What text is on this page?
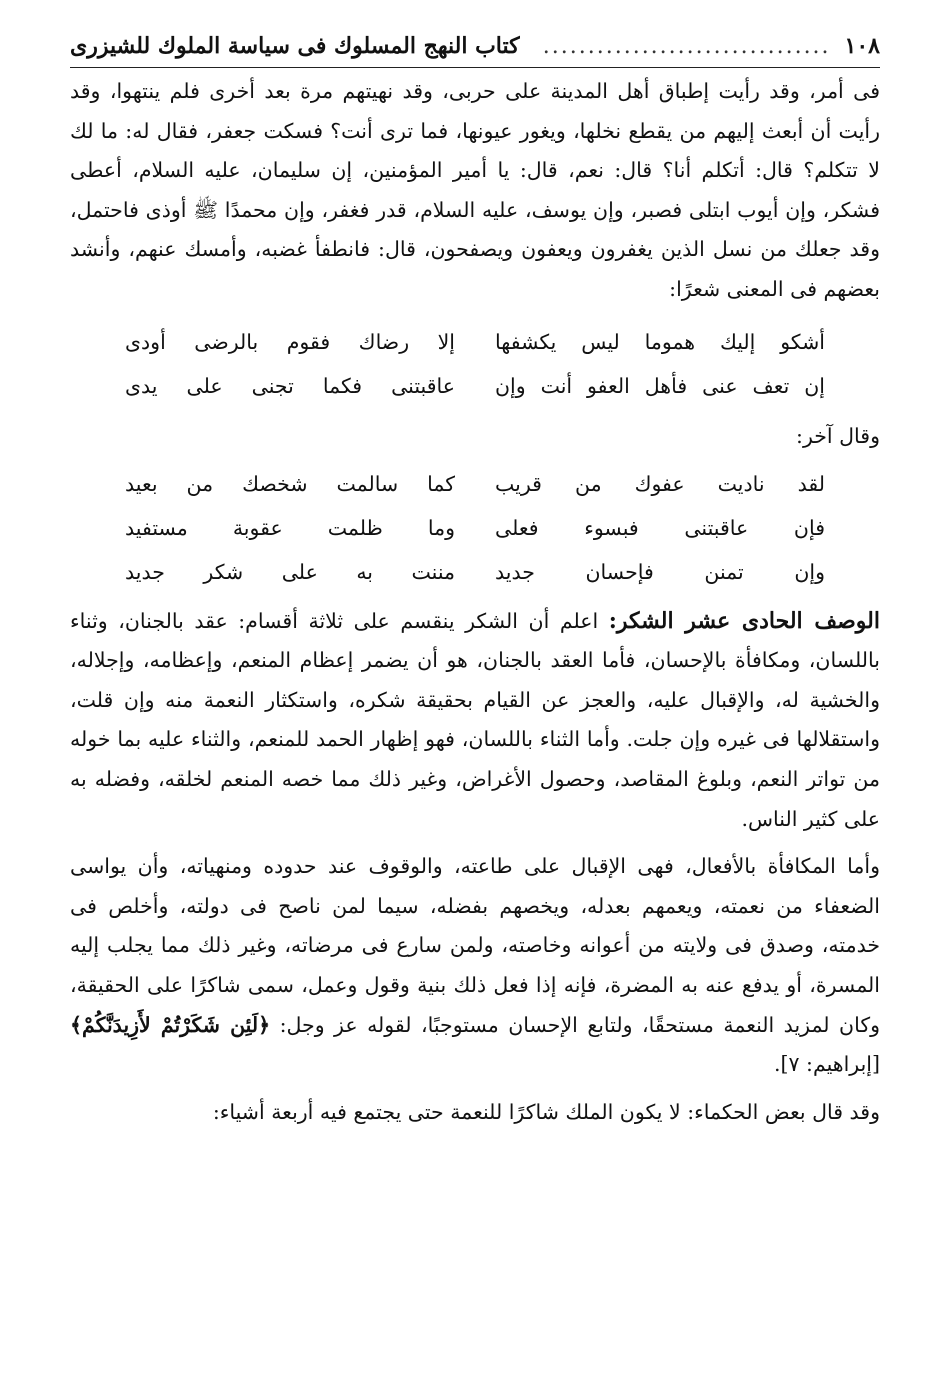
١٠٨
................................
كتاب النهج المسلوك فى سياسة الملوك للشيزرى

فى أمر، وقد رأيت إطباق أهل المدينة على حربى، وقد نهيتهم مرة بعد أخرى فلم ينتهوا، وقد رأيت أن أبعث إليهم من يقطع نخلها، ويغور عيونها، فما ترى أنت؟ فسكت جعفر، فقال له: ما لك لا تتكلم؟ قال: أتكلم أنا؟ قال: نعم، قال: يا أمير المؤمنين، إن سليمان، عليه السلام، أعطى فشكر، وإن أيوب ابتلى فصبر، وإن يوسف، عليه السلام، قدر فغفر، وإن محمدًا ﷺ أوذى فاحتمل، وقد جعلك من نسل الذين يغفرون ويعفون ويصفحون، قال: فانطفأ غضبه، وأمسك عنهم، وأنشد بعضهم فى المعنى شعرًا:

أشكو إليك هموما ليس يكشفها
إلا رضاك فقوم بالرضى أودى
إن تعف عنى فأهل العفو أنت وإن
عاقبتنى فكما تجنى على يدى
وقال آخر:
لقد ناديت عفوك من قريب
كما سالمت شخصك من بعيد
فإن عاقبتنى فبسوء فعلى
وما ظلمت عقوبة مستفيد
وإن تمنن فإحسان جديد
مننت به على شكر جديد

الوصف الحادى عشر الشكر: اعلم أن الشكر ينقسم على ثلاثة أقسام: عقد بالجنان، وثناء باللسان، ومكافأة بالإحسان، فأما العقد بالجنان، هو أن يضمر إعظام المنعم، وإعظامه، وإجلاله، والخشية له، والإقبال عليه، والعجز عن القيام بحقيقة شكره، واستكثار النعمة منه وإن قلت، واستقلالها فى غيره وإن جلت. وأما الثناء باللسان، فهو إظهار الحمد للمنعم، والثناء عليه بما خوله من تواتر النعم، وبلوغ المقاصد، وحصول الأغراض، وغير ذلك مما خصه المنعم لخلقه، وفضله به على كثير الناس.

وأما المكافأة بالأفعال، فهى الإقبال على طاعته، والوقوف عند حدوده ومنهياته، وأن يواسى الضعفاء من نعمته، ويعمهم بعدله، ويخصهم بفضله، سيما لمن ناصح فى دولته، وأخلص فى خدمته، وصدق فى ولايته من أعوانه وخاصته، ولمن سارع فى مرضاته، وغير ذلك مما يجلب إليه المسرة، أو يدفع عنه به المضرة، فإنه إذا فعل ذلك بنية وقول وعمل، سمى شاكرًا على الحقيقة، وكان لمزيد النعمة مستحقًا، ولتابع الإحسان مستوجبًا، لقوله عز وجل: ﴿لَئِن شَكَرْتُمْ لأَزِيدَنَّكُمْ﴾ [إبراهيم: ٧].

وقد قال بعض الحكماء: لا يكون الملك شاكرًا للنعمة حتى يجتمع فيه أربعة أشياء:
